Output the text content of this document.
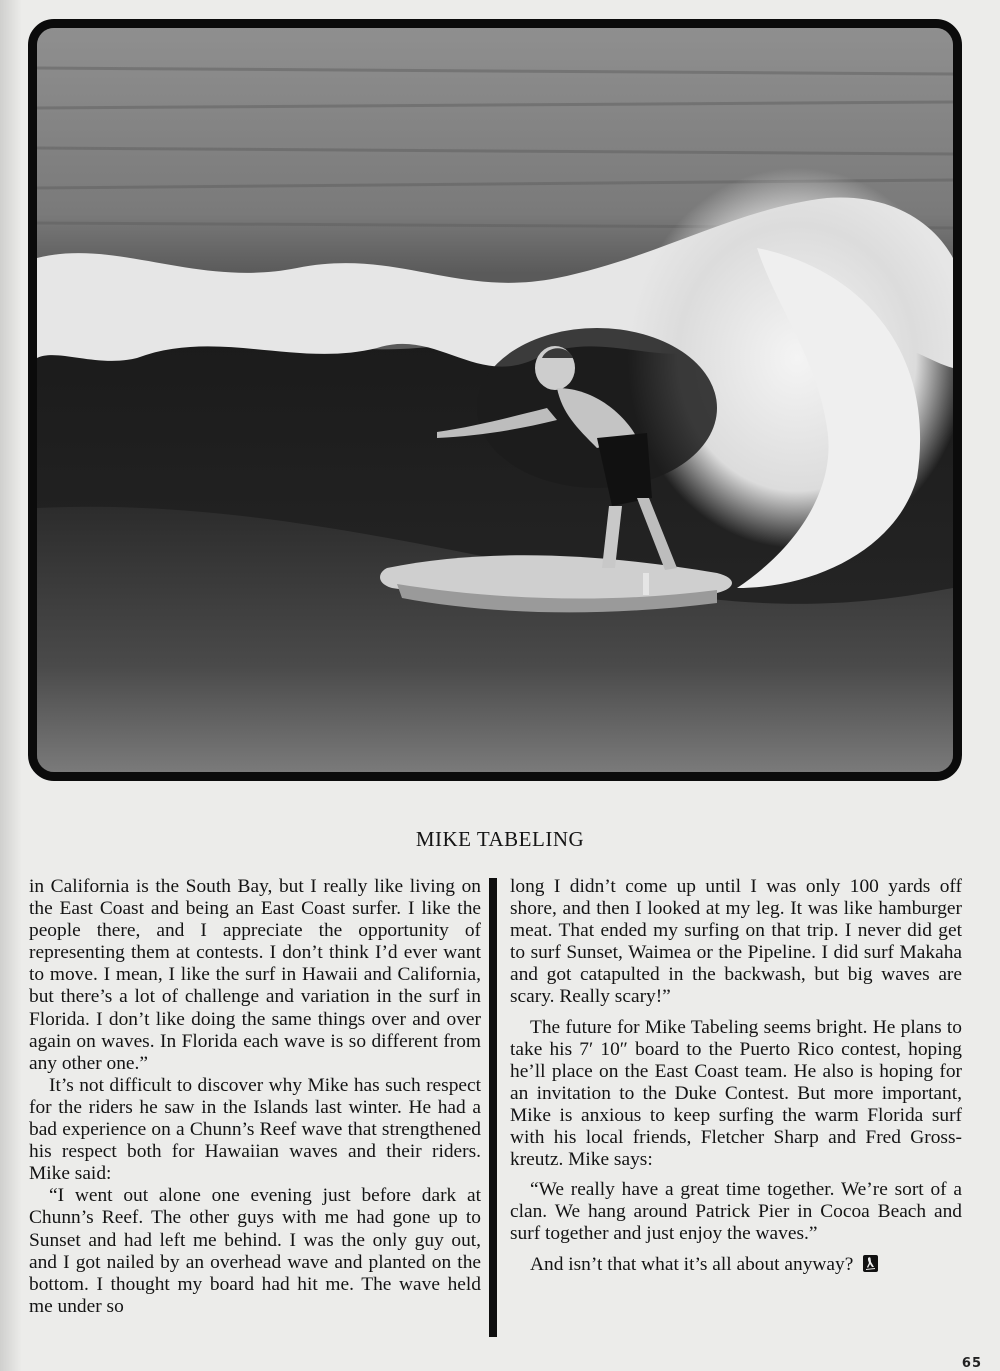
MIKE TABELING

in California is the South Bay, but I really like living on the East Coast and being an East Coast surfer. I like the people there, and I appreciate the opportunity of representing them at contests. I don’t think I’d ever want to move. I mean, I like the surf in Hawaii and California, but there’s a lot of challenge and variation in the surf in Florida. I don’t like doing the same things over and over again on waves. In Florida each wave is so different from any other one.”

It’s not difficult to discover why Mike has such respect for the riders he saw in the Islands last winter. He had a bad experience on a Chunn’s Reef wave that strengthened his respect both for Hawaiian waves and their riders. Mike said:

“I went out alone one evening just before dark at Chunn’s Reef. The other guys with me had gone up to Sunset and had left me behind. I was the only guy out, and I got nailed by an overhead wave and planted on the bottom. I thought my board had hit me. The wave held me under so

long I didn’t come up until I was only 100 yards off shore, and then I looked at my leg. It was like hamburger meat. That ended my surfing on that trip. I never did get to surf Sunset, Waimea or the Pipeline. I did surf Makaha and got catapulted in the backwash, but big waves are scary. Really scary!”

The future for Mike Tabeling seems bright. He plans to take his 7′ 10″ board to the Puerto Rico contest, hoping he’ll place on the East Coast team. He also is hoping for an invitation to the Duke Contest. But more important, Mike is anxious to keep surfing the warm Florida surf with his local friends, Fletcher Sharp and Fred Grosskreutz. Mike says:

“We really have a great time together. We’re sort of a clan. We hang around Patrick Pier in Cocoa Beach and surf together and just enjoy the waves.”

And isn’t that what it’s all about anyway?

65
